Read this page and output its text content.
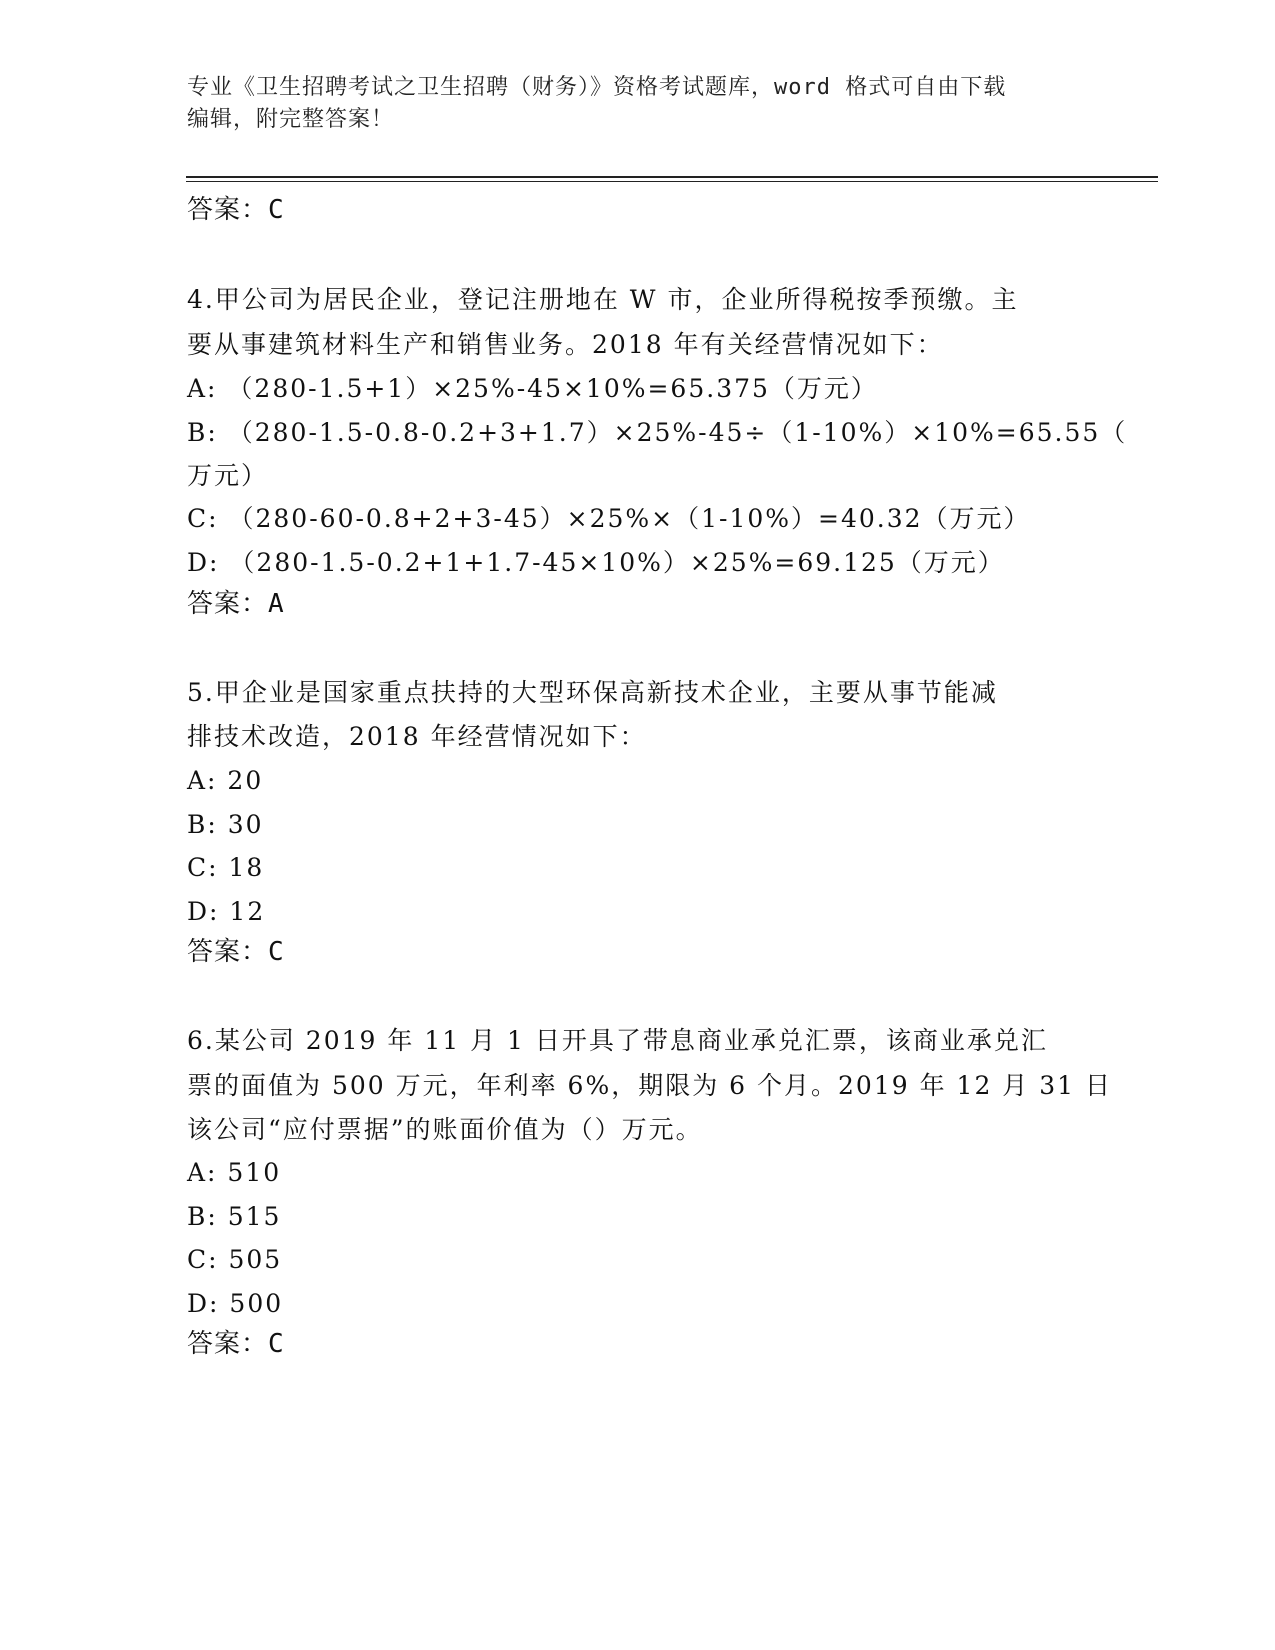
专业《卫生招聘考试之卫生招聘（财务）》资格考试题库，word 格式可自由下载
编辑，附完整答案！
答案：C
4.甲公司为居民企业，登记注册地在 W 市，企业所得税按季预缴。主
要从事建筑材料生产和销售业务。2018 年有关经营情况如下：
A: （280-1.5+1）×25%-45×10%=65.375（万元）
B: （280-1.5-0.8-0.2+3+1.7）×25%-45÷（1-10%）×10%=65.55（
万元）
C: （280-60-0.8+2+3-45）×25%×（1-10%）=40.32（万元）
D: （280-1.5-0.2+1+1.7-45×10%）×25%=69.125（万元）
答案：A
5.甲企业是国家重点扶持的大型环保高新技术企业，主要从事节能减
排技术改造，2018 年经营情况如下：
A: 20
B: 30
C: 18
D: 12
答案：C
6.某公司 2019 年 11 月 1 日开具了带息商业承兑汇票，该商业承兑汇
票的面值为 500 万元，年利率 6%，期限为 6 个月。2019 年 12 月 31 日
该公司“应付票据”的账面价值为（）万元。
A: 510
B: 515
C: 505
D: 500
答案：C
